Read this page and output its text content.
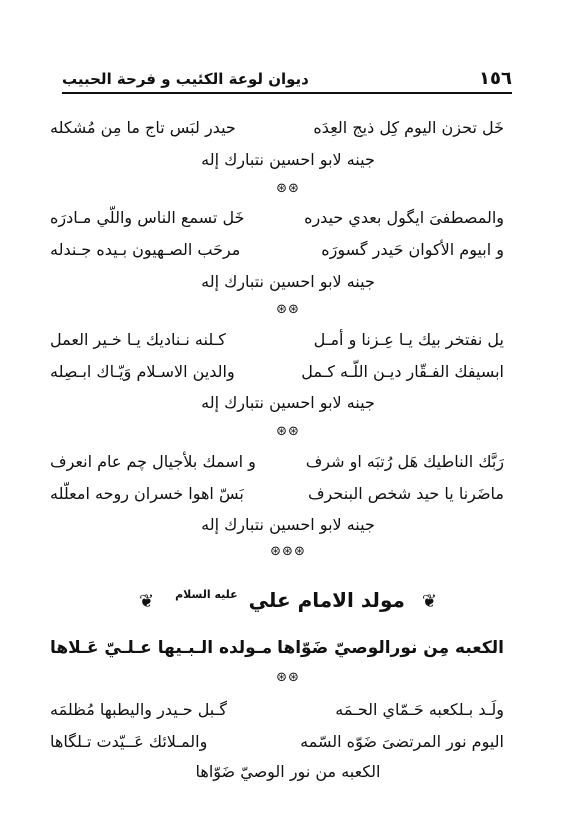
١٥٦
ديوان لوعة الكئيب و فرحة الحبيب
خَل تحزن اليوم كِل ذيج العِدَه
حيدر لبَس تاج ما مِن مُشكله
جينه لابو احسين نتبارك إله
⊛⊛
والمصطفىَ ايگول بعدي حيدره
خَل تسمع الناس واللّي مـادرَه
و ابيوم الأكوان حَيدر گسورَه
مرحَب الصـهيون بـيده جـندله
جينه لابو احسين نتبارك إله
⊛⊛
يل نفتخر بيك يـا عِـزنا و أمـل
كـلنه نـناديك يـا خـير العمل
ابسيفك الفـقّار ديـن اللّـه كـمل
والدين الاسـلام وَيّـاك ابـصِله
جينه لابو احسين نتبارك إله
⊛⊛
رَبَّك الناطيك هَل رُتبَه او شرف
و اسمك بلأجيال چم عام انعرف
ماضَرنا يا حيد شخص البنحرف
بَسّ اهوا خسران روحه امعلّله
جينه لابو احسين نتبارك إله
⊛⊛⊛
❦ مولد الامام علي $^{عليه السلام}$ ❦
الكعبه مِن نورالوصيّ ضَوّاها
مـولده الـبـيها عـلـيّ عَـلاها
⊛⊛
ولَـد بـلكعبه حَـمّاي الحـمَه
گـبل حـيدر واليطبها مُظلمَه
اليوم نور المرتضىَ ضَوّه السّمه
والمـلائك عَــيّدت تـلگاها
الكعبه من نور الوصيّ ضَوّاها
